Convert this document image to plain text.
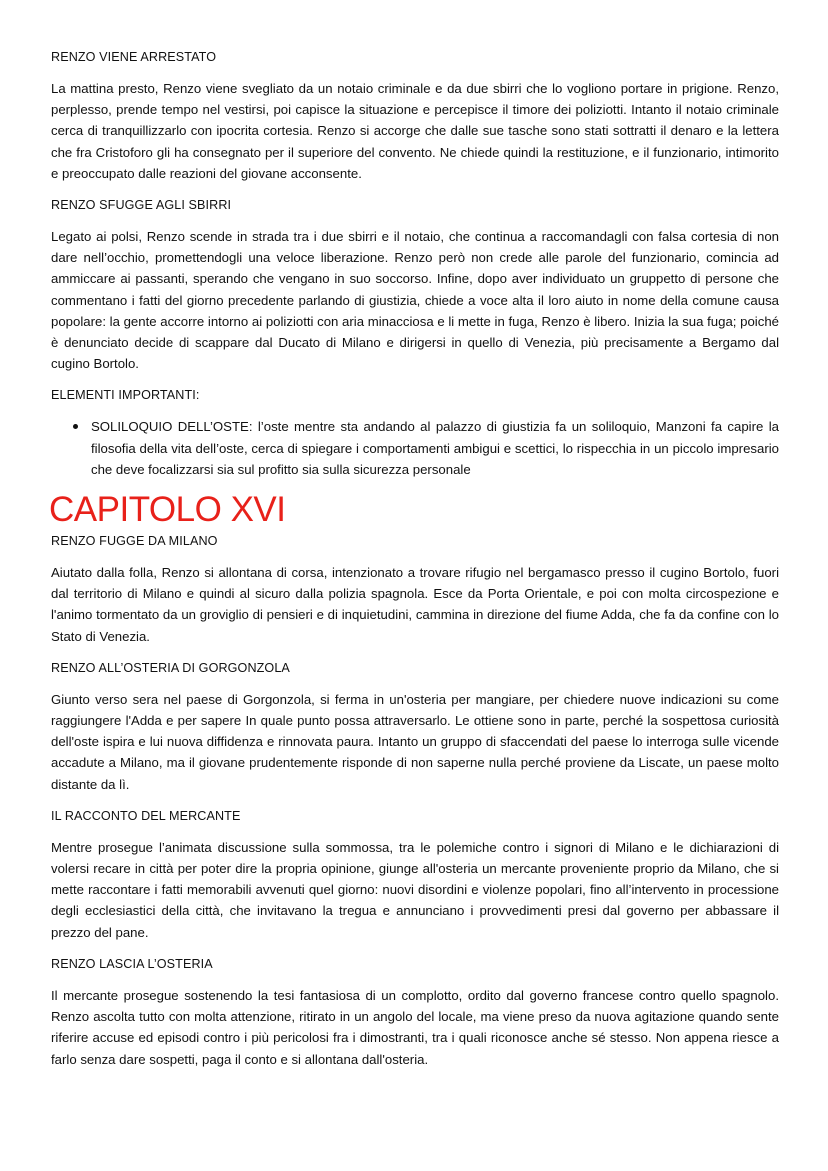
RENZO VIENE ARRESTATO

La mattina presto, Renzo viene svegliato da un notaio criminale e da due sbirri che lo vogliono portare in prigione. Renzo, perplesso, prende tempo nel vestirsi, poi capisce la situazione e percepisce il timore dei poliziotti. Intanto il notaio criminale cerca di tranquillizzarlo con ipocrita cortesia. Renzo si accorge che dalle sue tasche sono stati sottratti il denaro e la lettera che fra Cristoforo gli ha consegnato per il superiore del convento. Ne chiede quindi la restituzione, e il funzionario, intimorito e preoccupato dalle reazioni del giovane acconsente.

RENZO SFUGGE AGLI SBIRRI

Legato ai polsi, Renzo scende in strada tra i due sbirri e il notaio, che continua a raccomandagli con falsa cortesia di non dare nell’occhio, promettendogli una veloce liberazione. Renzo però non crede alle parole del funzionario, comincia ad ammiccare ai passanti, sperando che vengano in suo soccorso. Infine, dopo aver individuato un gruppetto di persone che commentano i fatti del giorno precedente parlando di giustizia, chiede a voce alta il loro aiuto in nome della comune causa popolare: la gente accorre intorno ai poliziotti con aria minacciosa e li mette in fuga, Renzo è libero. Inizia la sua fuga; poiché è denunciato decide di scappare dal Ducato di Milano e dirigersi in quello di Venezia, più precisamente a Bergamo dal cugino Bortolo.

ELEMENTI IMPORTANTI:
SOLILOQUIO DELL’OSTE: l’oste mentre sta andando al palazzo di giustizia fa un soliloquio, Manzoni fa capire la filosofia della vita dell’oste, cerca di spiegare i comportamenti ambigui e scettici, lo rispecchia in un piccolo impresario che deve focalizzarsi sia sul profitto sia sulla sicurezza personale
CAPITOLO XVI
RENZO FUGGE DA MILANO

Aiutato dalla folla, Renzo si allontana di corsa, intenzionato a trovare rifugio nel bergamasco presso il cugino Bortolo, fuori dal territorio di Milano e quindi al sicuro dalla polizia spagnola. Esce da Porta Orientale, e poi con molta circospezione e l'animo tormentato da un groviglio di pensieri e di inquietudini, cammina in direzione del fiume Adda, che fa da confine con lo Stato di Venezia.

RENZO ALL’OSTERIA DI GORGONZOLA

Giunto verso sera nel paese di Gorgonzola, si ferma in un'osteria per mangiare, per chiedere nuove indicazioni su come raggiungere l'Adda e per sapere In quale punto possa attraversarlo. Le ottiene sono in parte, perché la sospettosa curiosità dell'oste ispira e lui nuova diffidenza e rinnovata paura. Intanto un gruppo di sfaccendati del paese lo interroga sulle vicende accadute a Milano, ma il giovane prudentemente risponde di non saperne nulla perché proviene da Liscate, un paese molto distante da lì.

IL RACCONTO DEL MERCANTE

Mentre prosegue l’animata discussione sulla sommossa, tra le polemiche contro i signori di Milano e le dichiarazioni di volersi recare in città per poter dire la propria opinione, giunge all'osteria un mercante proveniente proprio da Milano, che si mette raccontare i fatti memorabili avvenuti quel giorno: nuovi disordini e violenze popolari, fino all’intervento in processione degli ecclesiastici della città, che invitavano la tregua e annunciano i provvedimenti presi dal governo per abbassare il prezzo del pane.

RENZO LASCIA L’OSTERIA

Il mercante prosegue sostenendo la tesi fantasiosa di un complotto, ordito dal governo francese contro quello spagnolo. Renzo ascolta tutto con molta attenzione, ritirato in un angolo del locale, ma viene preso da nuova agitazione quando sente riferire accuse ed episodi contro i più pericolosi fra i dimostranti, tra i quali riconosce anche sé stesso. Non appena riesce a farlo senza dare sospetti, paga il conto e si allontana dall'osteria.
